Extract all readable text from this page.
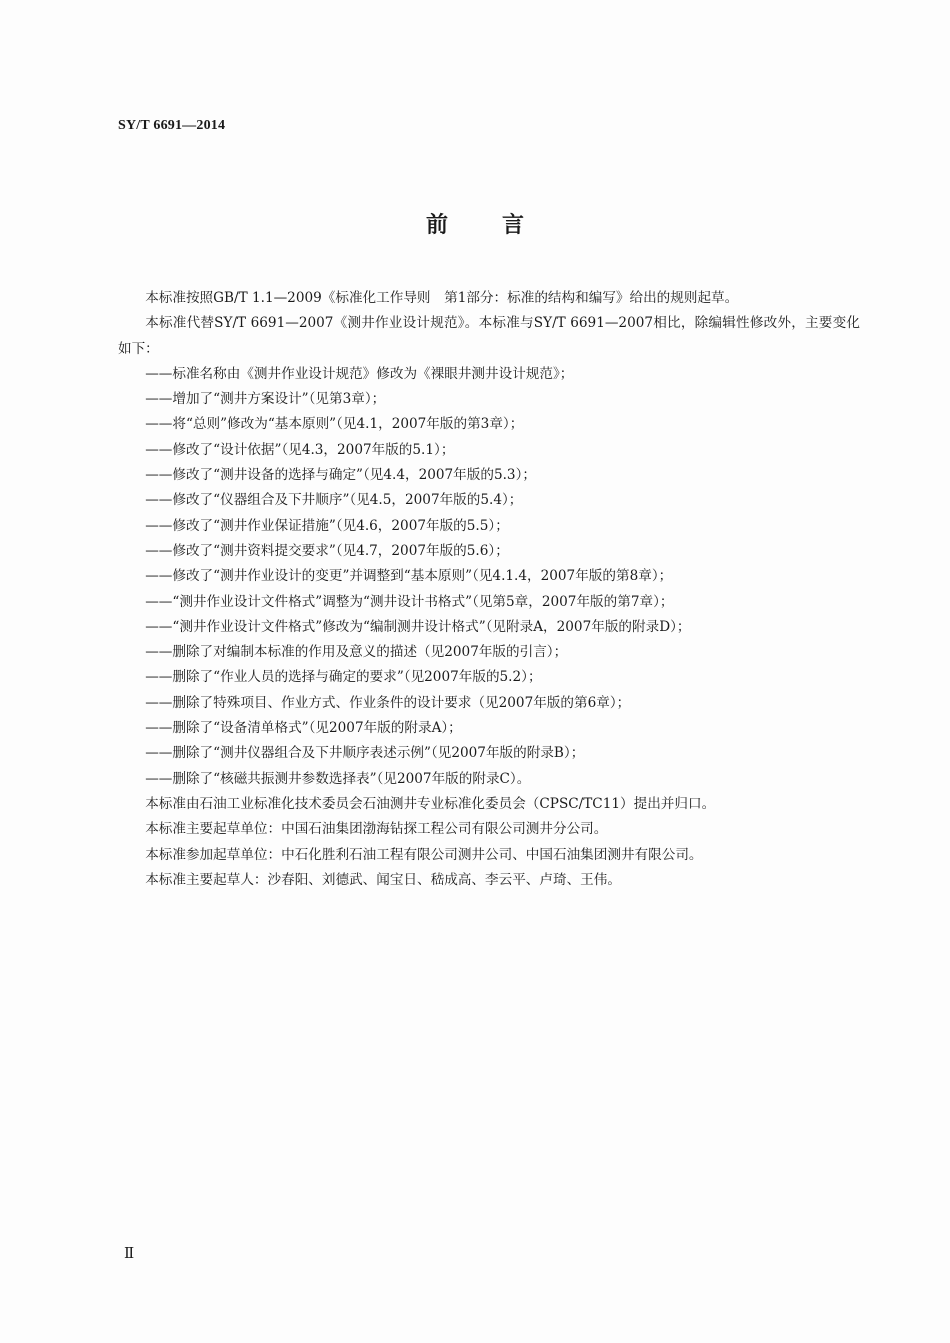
SY/T 6691—2014
前言

本标准按照GB/T 1.1—2009《标准化工作导则　第1部分：标准的结构和编写》给出的规则起草。

本标准代替SY/T 6691—2007《测井作业设计规范》。本标准与SY/T 6691—2007相比，除编辑性修改外，主要变化如下：

——标准名称由《测井作业设计规范》修改为《裸眼井测井设计规范》；

——增加了“测井方案设计”（见第3章）；

——将“总则”修改为“基本原则”（见4.1，2007年版的第3章）；

——修改了“设计依据”（见4.3，2007年版的5.1）；

——修改了“测井设备的选择与确定”（见4.4，2007年版的5.3）；

——修改了“仪器组合及下井顺序”（见4.5，2007年版的5.4）；

——修改了“测井作业保证措施”（见4.6，2007年版的5.5）；

——修改了“测井资料提交要求”（见4.7，2007年版的5.6）；

——修改了“测井作业设计的变更”并调整到“基本原则”（见4.1.4，2007年版的第8章）；

——“测井作业设计文件格式”调整为“测井设计书格式”（见第5章，2007年版的第7章）；

——“测井作业设计文件格式”修改为“编制测井设计格式”（见附录A，2007年版的附录D）；

——删除了对编制本标准的作用及意义的描述（见2007年版的引言）；

——删除了“作业人员的选择与确定的要求”（见2007年版的5.2）；

——删除了特殊项目、作业方式、作业条件的设计要求（见2007年版的第6章）；

——删除了“设备清单格式”（见2007年版的附录A）；

——删除了“测井仪器组合及下井顺序表述示例”（见2007年版的附录B）；

——删除了“核磁共振测井参数选择表”（见2007年版的附录C）。

本标准由石油工业标准化技术委员会石油测井专业标准化委员会（CPSC/TC11）提出并归口。

本标准主要起草单位：中国石油集团渤海钻探工程公司有限公司测井分公司。

本标准参加起草单位：中石化胜利石油工程有限公司测井公司、中国石油集团测井有限公司。

本标准主要起草人：沙春阳、刘德武、闻宝日、嵇成高、李云平、卢琦、王伟。

Ⅱ
